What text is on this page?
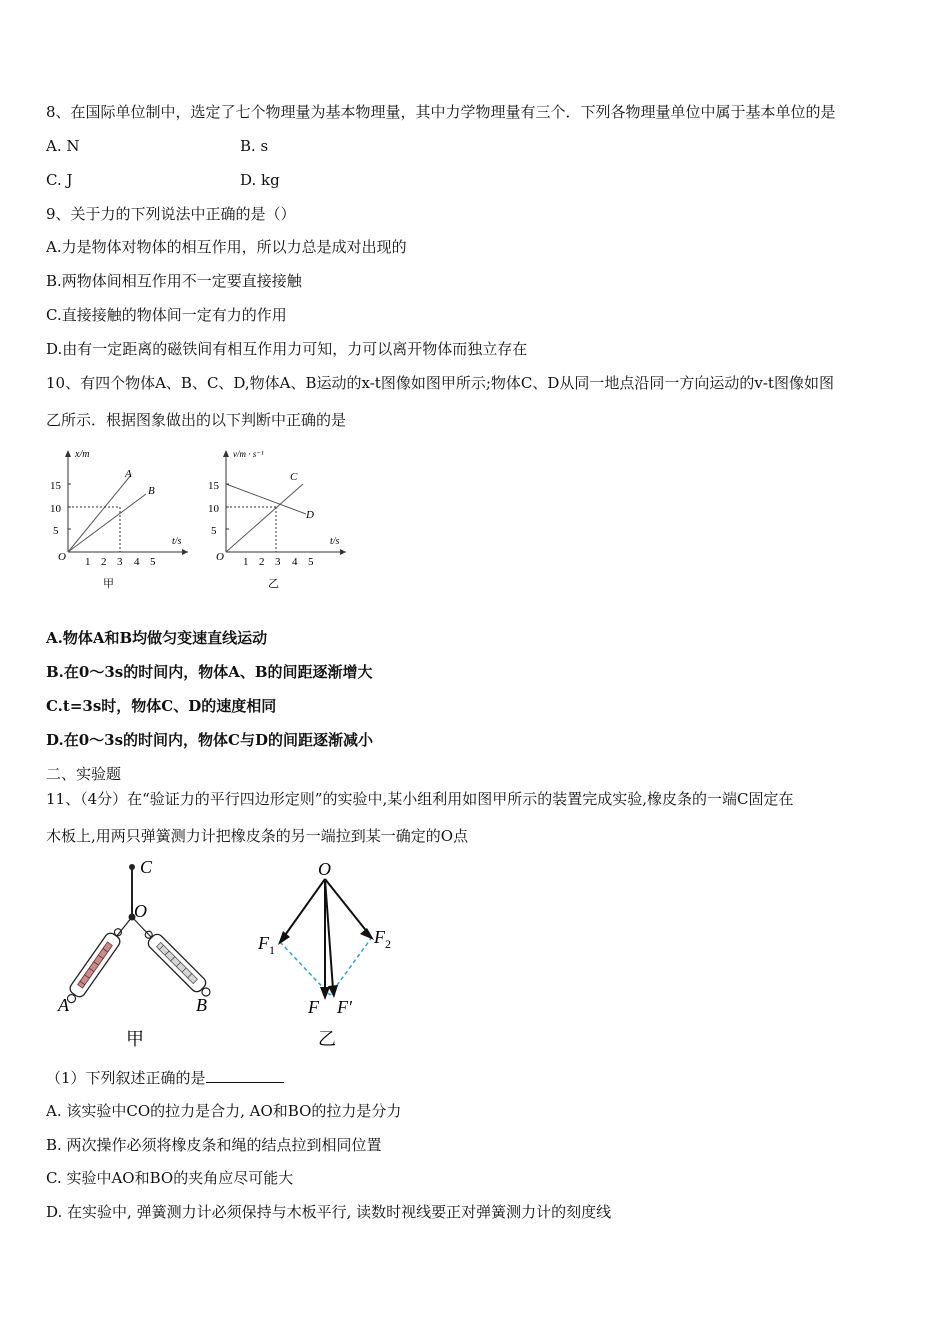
8、在国际单位制中，选定了七个物理量为基本物理量，其中力学物理量有三个．下列各物理量单位中属于基本单位的是
A. N	B. s
C. J	D. kg
9、关于力的下列说法中正确的是（）
A.力是物体对物体的相互作用，所以力总是成对出现的
B.两物体间相互作用不一定要直接接触
C.直接接触的物体间一定有力的作用
D.由有一定距离的磁铁间有相互作用力可知，力可以离开物体而独立存在
10、有四个物体A、B、C、D,物体A、B运动的x-t图像如图甲所示;物体C、D从同一地点沿同一方向运动的v-t图像如图
乙所示．根据图象做出的以下判断中正确的是
x/m
t/s
O
5
10
15
1 2 3 4 5
A
B
甲
v/m · s⁻¹
t/s
O
5
10
15
1 2 3 4 5
C
D
乙
A.物体A和B均做匀变速直线运动
B.在0～3s的时间内，物体A、B的间距逐渐增大
C.t=3s时，物体C、D的速度相同
D.在0～3s的时间内，物体C与D的间距逐渐减小
二、实验题
11、（4分）在“验证力的平行四边形定则”的实验中,某小组利用如图甲所示的装置完成实验,橡皮条的一端C固定在
木板上,用两只弹簧测力计把橡皮条的另一端拉到某一确定的O点
C
O
A	B
甲
O
$F_1$
$F_2$
F F′
乙
（1）下列叙述正确的是
A. 该实验中CO的拉力是合力, AO和BO的拉力是分力
B. 两次操作必须将橡皮条和绳的结点拉到相同位置
C. 实验中AO和BO的夹角应尽可能大
D. 在实验中, 弹簧测力计必须保持与木板平行, 读数时视线要正对弹簧测力计的刻度线
